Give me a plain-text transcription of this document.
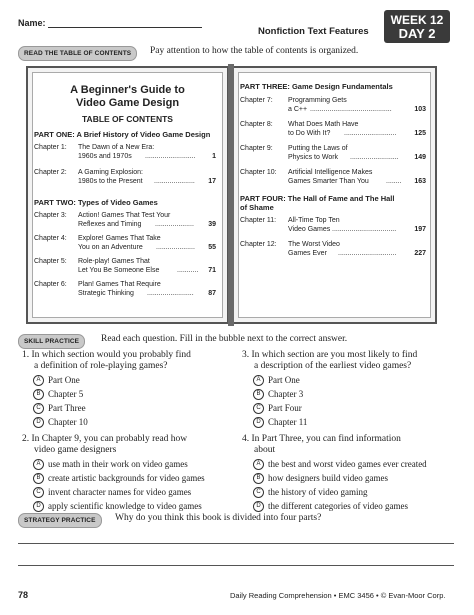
Name:
Nonfiction Text Features
WEEK 12
DAY 2
READ THE TABLE OF CONTENTS	Pay attention to how the table of contents is organized.
A Beginner's Guide to
Video Game Design
TABLE OF CONTENTS
PART ONE: A Brief History of Video Game Design
Chapter 1: The Dawn of a New Era:
1960s and 1970s ..........................	1
Chapter 2: A Gaming Explosion:
1980s to the Present .....................	17
PART TWO: Types of Video Games
Chapter 3: Action! Games That Test Your
Reflexes and Timing ....................	39
Chapter 4: Explore! Games That Take
You on an Adventure ....................	55
Chapter 5: Role-play! Games That
Let You Be Someone Else	...........	71
Chapter 6: Plan! Games That Require
Strategic Thinking ........................	87
PART THREE: Game Design Fundamentals
Chapter 7: Programming Gets
a C++ ..........................................	103
Chapter 8: What Does Math Have
to Do With It? ...........................	125
Chapter 9: Putting the Laws of
Physics to Work .........................	149
Chapter 10: Artificial Intelligence Makes
Games Smarter Than You ........	163
PART FOUR: The Hall of Fame and The Hall
of Shame
Chapter 11: All-Time Top Ten
Video Games .................................	197
Chapter 12: The Worst Video
Games Ever ..............................	227
SKILL PRACTICE	Read each question. Fill in the bubble next to the correct answer.
1. In which section would you probably find
a definition of role-playing games?
A Part One
B Chapter 5
C Part Three
D Chapter 10
2. In Chapter 9, you can probably read how
video game designers
A use math in their work on video games
B create artistic backgrounds for video games
C invent character names for video games
D apply scientific knowledge to video games
3. In which section are you most likely to find
a description of the earliest video games?
A Part One
B Chapter 3
C Part Four
D Chapter 11
4. In Part Three, you can find information
about
A the best and worst video games ever created
B how designers build video games
C the history of video gaming
D the different categories of video games
STRATEGY PRACTICE	Why do you think this book is divided into four parts?
78	Daily Reading Comprehension • EMC 3456 • © Evan-Moor Corp.
